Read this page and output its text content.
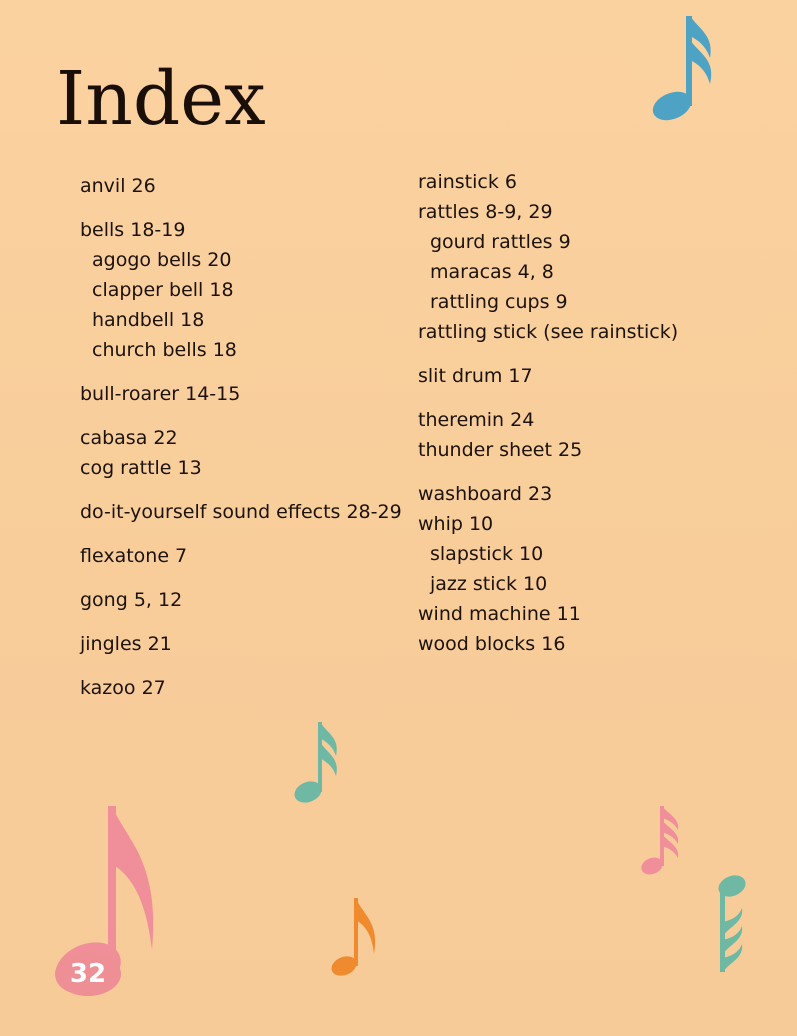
Index
anvil 26
bells 18-19
agogo bells 20
clapper bell 18
handbell 18
church bells 18
bull-roarer 14-15
cabasa 22
cog rattle 13
do-it-yourself sound effects 28-29
flexatone 7
gong 5, 12
jingles 21
kazoo 27
rainstick 6
rattles 8-9, 29
gourd rattles 9
maracas 4, 8
rattling cups 9
rattling stick (see rainstick)
slit drum 17
theremin 24
thunder sheet 25
washboard 23
whip 10
slapstick 10
jazz stick 10
wind machine 11
wood blocks 16
32
